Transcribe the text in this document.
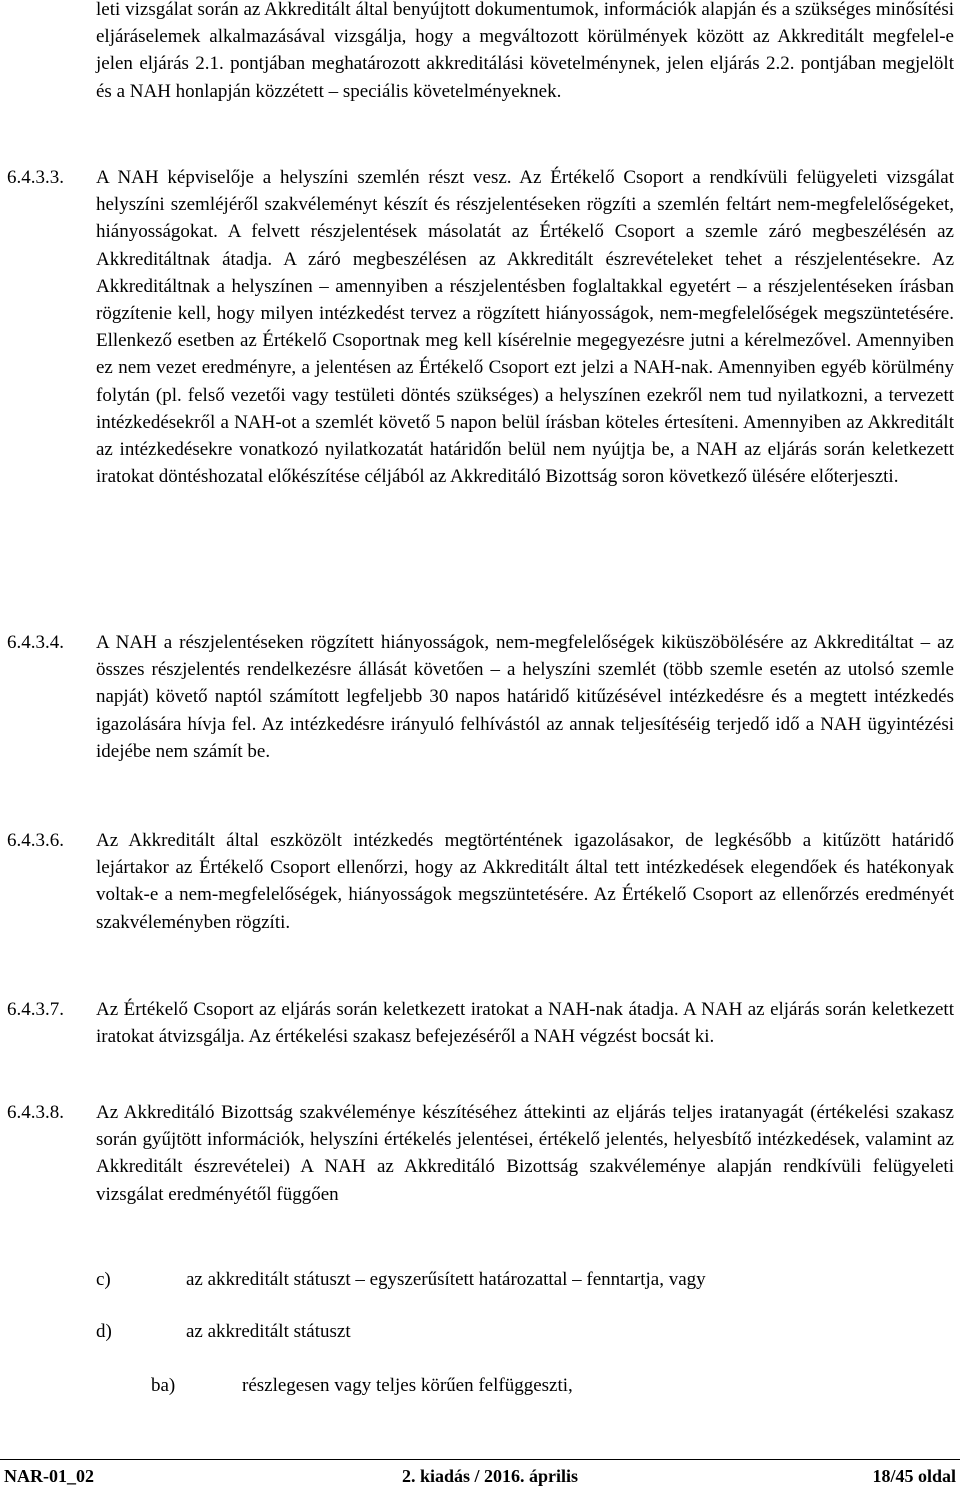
leti vizsgálat során az Akkreditált által benyújtott dokumentumok, információk alapján és a szükséges minősítési eljáráselemek alkalmazásával vizsgálja, hogy a megváltozott körülmények között az Akkreditált megfelel-e jelen eljárás 2.1. pontjában meghatározott akkreditálási követelménynek, jelen eljárás 2.2. pontjában megjelölt és a NAH honlapján közzétett – speciális követelményeknek.
6.4.3.3. A NAH képviselője a helyszíni szemlén részt vesz. Az Értékelő Csoport a rendkívüli felügyeleti vizsgálat helyszíni szemléjéről szakvéleményt készít és részjelentéseken rögzíti a szemlén feltárt nem-megfelelőségeket, hiányosságokat. A felvett részjelentések másolatát az Értékelő Csoport a szemle záró megbeszélésén az Akkreditáltnak átadja. A záró megbeszélésen az Akkreditált észrevételeket tehet a részjelentésekre. Az Akkreditáltnak a helyszínen – amennyiben a részjelentésben foglaltakkal egyetért – a részjelentéseken írásban rögzítenie kell, hogy milyen intézkedést tervez a rögzített hiányosságok, nem-megfelelőségek megszüntetésére. Ellenkező esetben az Értékelő Csoportnak meg kell kísérelnie megegyezésre jutni a kérelmezővel. Amennyiben ez nem vezet eredményre, a jelentésen az Értékelő Csoport ezt jelzi a NAH-nak. Amennyiben egyéb körülmény folytán (pl. felső vezetői vagy testületi döntés szükséges) a helyszínen ezekről nem tud nyilatkozni, a tervezett intézkedésekről a NAH-ot a szemlét követő 5 napon belül írásban köteles értesíteni. Amennyiben az Akkreditált az intézkedésekre vonatkozó nyilatkozatát határidőn belül nem nyújtja be, a NAH az eljárás során keletkezett iratokat döntéshozatal előkészítése céljából az Akkreditáló Bizottság soron következő ülésére előterjeszti.
6.4.3.4. A NAH a részjelentéseken rögzített hiányosságok, nem-megfelelőségek kiküszöbölésére az Akkreditáltat – az összes részjelentés rendelkezésre állását követően – a helyszíni szemlét (több szemle esetén az utolsó szemle napját) követő naptól számított legfeljebb 30 napos határidő kitűzésével intézkedésre és a megtett intézkedés igazolására hívja fel. Az intézkedésre irányuló felhívástól az annak teljesítéséig terjedő idő a NAH ügyintézési idejébe nem számít be.
6.4.3.6. Az Akkreditált által eszközölt intézkedés megtörténtének igazolásakor, de legkésőbb a kitűzött határidő lejártakor az Értékelő Csoport ellenőrzi, hogy az Akkreditált által tett intézkedések elegendőek és hatékonyak voltak-e a nem-megfelelőségek, hiányosságok megszüntetésére. Az Értékelő Csoport az ellenőrzés eredményét szakvéleményben rögzíti.
6.4.3.7. Az Értékelő Csoport az eljárás során keletkezett iratokat a NAH-nak átadja. A NAH az eljárás során keletkezett iratokat átvizsgálja. Az értékelési szakasz befejezéséről a NAH végzést bocsát ki.
6.4.3.8. Az Akkreditáló Bizottság szakvéleménye készítéséhez áttekinti az eljárás teljes iratanyagát (értékelési szakasz során gyűjtött információk, helyszíni értékelés jelentései, értékelő jelentés, helyesbítő intézkedések, valamint az Akkreditált észrevételei) A NAH az Akkreditáló Bizottság szakvéleménye alapján rendkívüli felügyeleti vizsgálat eredményétől függően
c)	az akkreditált státuszt – egyszerűsített határozattal – fenntartja, vagy
d)	az akkreditált státuszt
ba)	részlegesen vagy teljes körűen felfüggeszti,
NAR-01_02	2. kiadás / 2016. április	18/45 oldal
